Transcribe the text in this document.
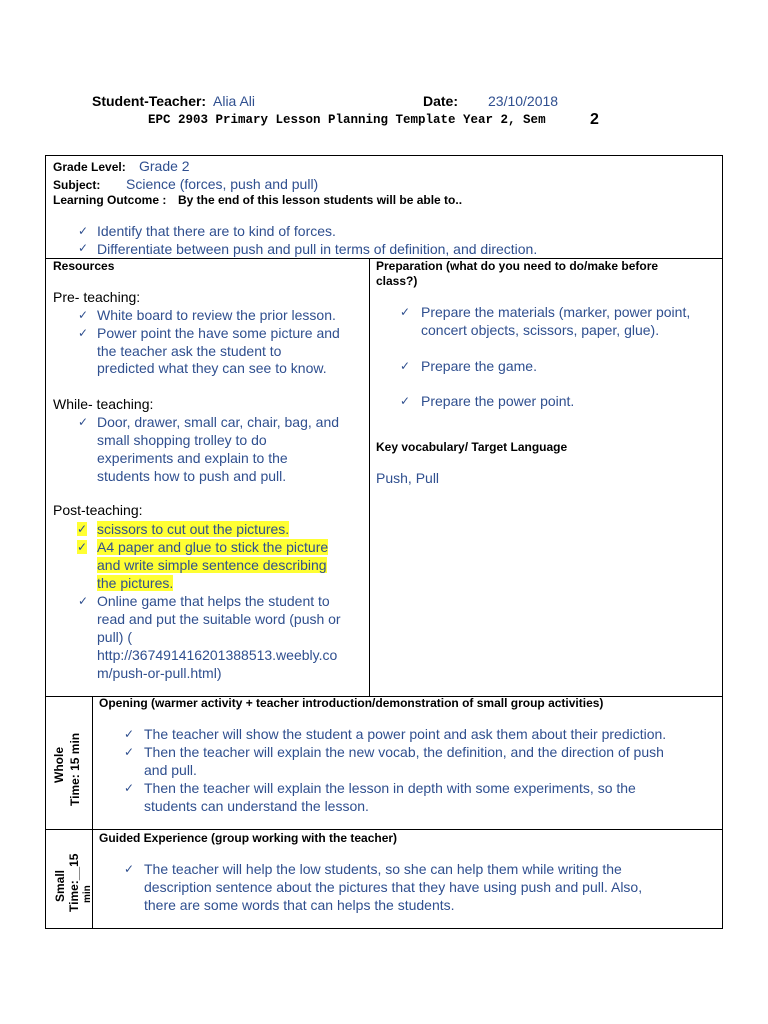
Student-Teacher: Alia Ali	Date: 23/10/2018
EPC 2903 Primary Lesson Planning Template Year 2, Sem	2
Grade Level: Grade 2
Subject: Science (forces, push and pull)
Learning Outcome : By the end of this lesson students will be able to..
✓ Identify that there are to kind of forces.
✓ Differentiate between push and pull in terms of definition, and direction.
Resources
Pre- teaching:
✓ White board to review the prior lesson.
✓ Power point the have some picture and
the teacher ask the student to
predicted what they can see to know.
While- teaching:
✓ Door, drawer, small car, chair, bag, and
small shopping trolley to do
experiments and explain to the
students how to push and pull.
Post-teaching:
✓ scissors to cut out the pictures.
✓ A4 paper and glue to stick the picture
and write simple sentence describing
the pictures.
✓ Online game that helps the student to
read and put the suitable word (push or
pull) (
http://367491416201388513.weebly.co
m/push-or-pull.html)
Preparation (what do you need to do/make before
class?)
✓ Prepare the materials (marker, power point,
concert objects, scissors, paper, glue).
✓ Prepare the game.
✓ Prepare the power point.
Key vocabulary/ Target Language
Push, Pull
Whole Time: 15 min
Opening (warmer activity + teacher introduction/demonstration of small group activities)
✓ The teacher will show the student a power point and ask them about their prediction.
✓ Then the teacher will explain the new vocab, the definition, and the direction of push
and pull.
✓ Then the teacher will explain the lesson in depth with some experiments, so the
students can understand the lesson.
Small Time:__15 min
Guided Experience (group working with the teacher)
✓ The teacher will help the low students, so she can help them while writing the
description sentence about the pictures that they have using push and pull. Also,
there are some words that can helps the students.
